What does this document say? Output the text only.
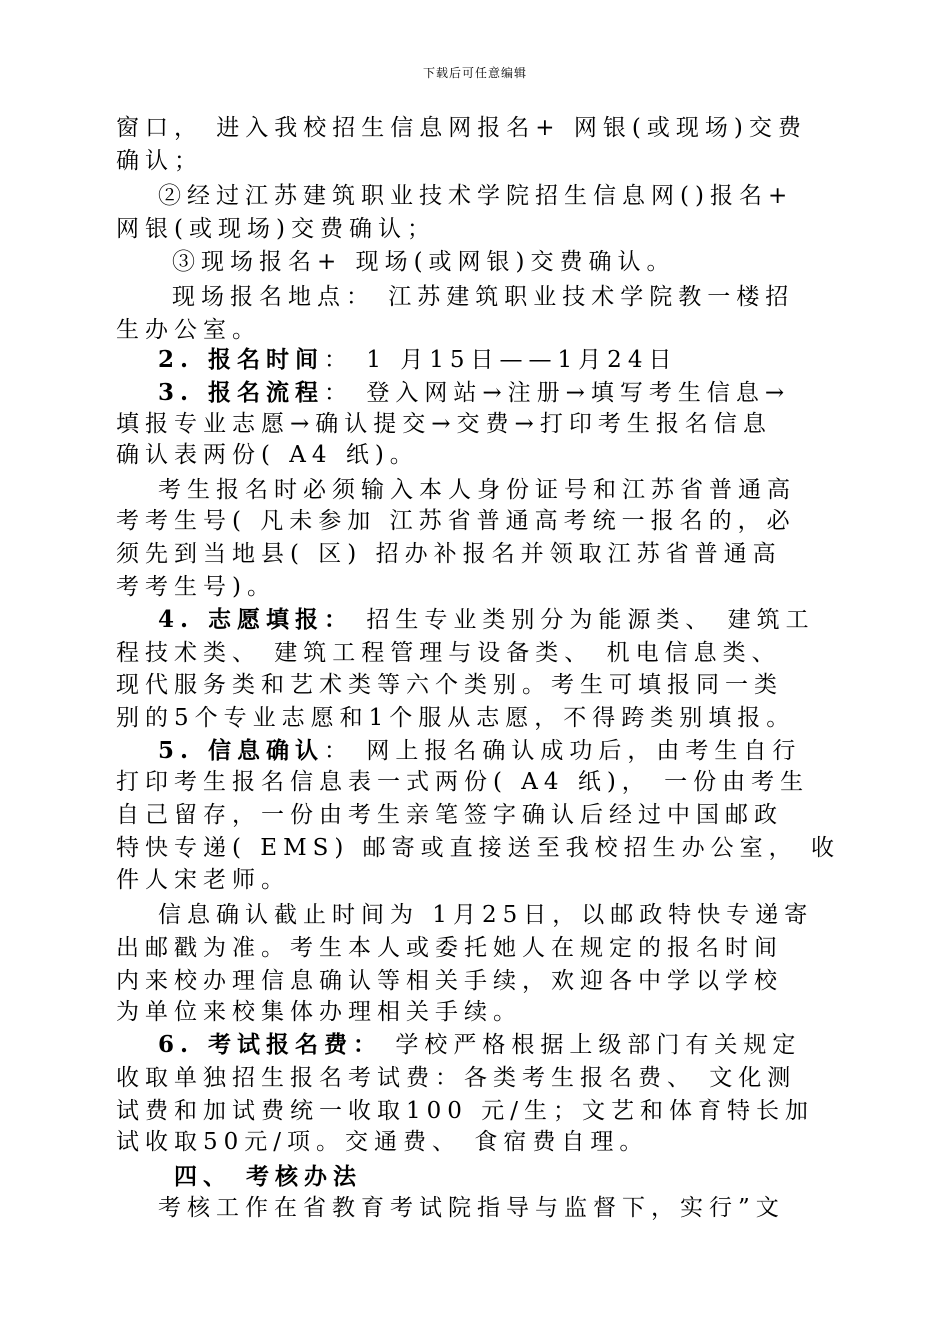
下载后可任意编辑
窗口， 进入我校招生信息网报名+ 网银(或现场)交费
确认；
②经过江苏建筑职业技术学院招生信息网()报名+
网银(或现场)交费确认；
③现场报名+ 现场(或网银)交费确认。
现场报名地点： 江苏建筑职业技术学院教一楼招
生办公室。
2. 报名时间： 1 月15日——1月24日
3. 报名流程： 登入网站→注册→填写考生信息→
填报专业志愿→确认提交→交费→打印考生报名信息
确认表两份( A4 纸)。
考生报名时必须输入本人身份证号和江苏省普通高
考考生号( 凡未参加 江苏省普通高考统一报名的，必
须先到当地县( 区) 招办补报名并领取江苏省普通高
考考生号)。
4. 志愿填报： 招生专业类别分为能源类、 建筑工
程技术类、 建筑工程管理与设备类、 机电信息类、
现代服务类和艺术类等六个类别。考生可填报同一类
别的5个专业志愿和1个服从志愿，不得跨类别填报。
5. 信息确认： 网上报名确认成功后，由考生自行
打印考生报名信息表一式两份( A4 纸)， 一份由考生
自己留存，一份由考生亲笔签字确认后经过中国邮政
特快专递( EMS) 邮寄或直接送至我校招生办公室， 收
件人宋老师。
信息确认截止时间为 1月25日，以邮政特快专递寄
出邮戳为准。考生本人或委托她人在规定的报名时间
内来校办理信息确认等相关手续，欢迎各中学以学校
为单位来校集体办理相关手续。
6. 考试报名费： 学校严格根据上级部门有关规定
收取单独招生报名考试费：各类考生报名费、 文化测
试费和加试费统一收取100 元/生；文艺和体育特长加
试收取50元/项。交通费、 食宿费自理。
四、 考核办法
考核工作在省教育考试院指导与监督下，实行”文
